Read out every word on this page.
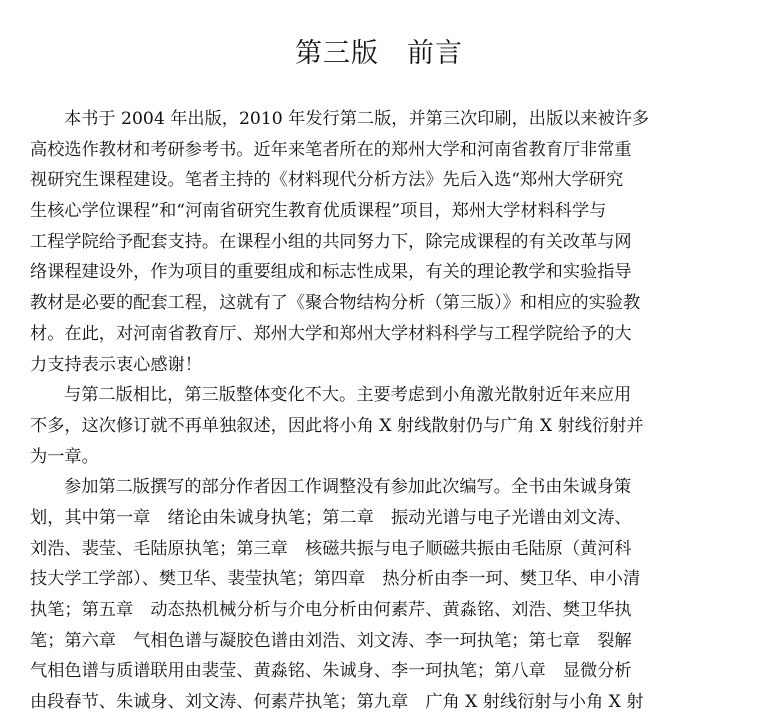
第三版　前言
本书于 2004 年出版，2010 年发行第二版，并第三次印刷，出版以来被许多
高校选作教材和考研参考书。近年来笔者所在的郑州大学和河南省教育厅非常重
视研究生课程建设。笔者主持的《材料现代分析方法》先后入选“郑州大学研究
生核心学位课程”和“河南省研究生教育优质课程”项目，郑州大学材料科学与
工程学院给予配套支持。在课程小组的共同努力下，除完成课程的有关改革与网
络课程建设外，作为项目的重要组成和标志性成果，有关的理论教学和实验指导
教材是必要的配套工程，这就有了《聚合物结构分析（第三版）》和相应的实验教
材。在此，对河南省教育厅、郑州大学和郑州大学材料科学与工程学院给予的大
力支持表示衷心感谢！
与第二版相比，第三版整体变化不大。主要考虑到小角激光散射近年来应用
不多，这次修订就不再单独叙述，因此将小角 X 射线散射仍与广角 X 射线衍射并
为一章。
参加第二版撰写的部分作者因工作调整没有参加此次编写。全书由朱诚身策
划，其中第一章　绪论由朱诚身执笔；第二章　振动光谱与电子光谱由刘文涛、
刘浩、裴莹、毛陆原执笔；第三章　核磁共振与电子顺磁共振由毛陆原（黄河科
技大学工学部）、樊卫华、裴莹执笔；第四章　热分析由李一珂、樊卫华、申小清
执笔；第五章　动态热机械分析与介电分析由何素芹、黄淼铭、刘浩、樊卫华执
笔；第六章　气相色谱与凝胶色谱由刘浩、刘文涛、李一珂执笔；第七章　裂解
气相色谱与质谱联用由裴莹、黄淼铭、朱诚身、李一珂执笔；第八章　显微分析
由段春节、朱诚身、刘文涛、何素芹执笔；第九章　广角 X 射线衍射与小角 X 射
